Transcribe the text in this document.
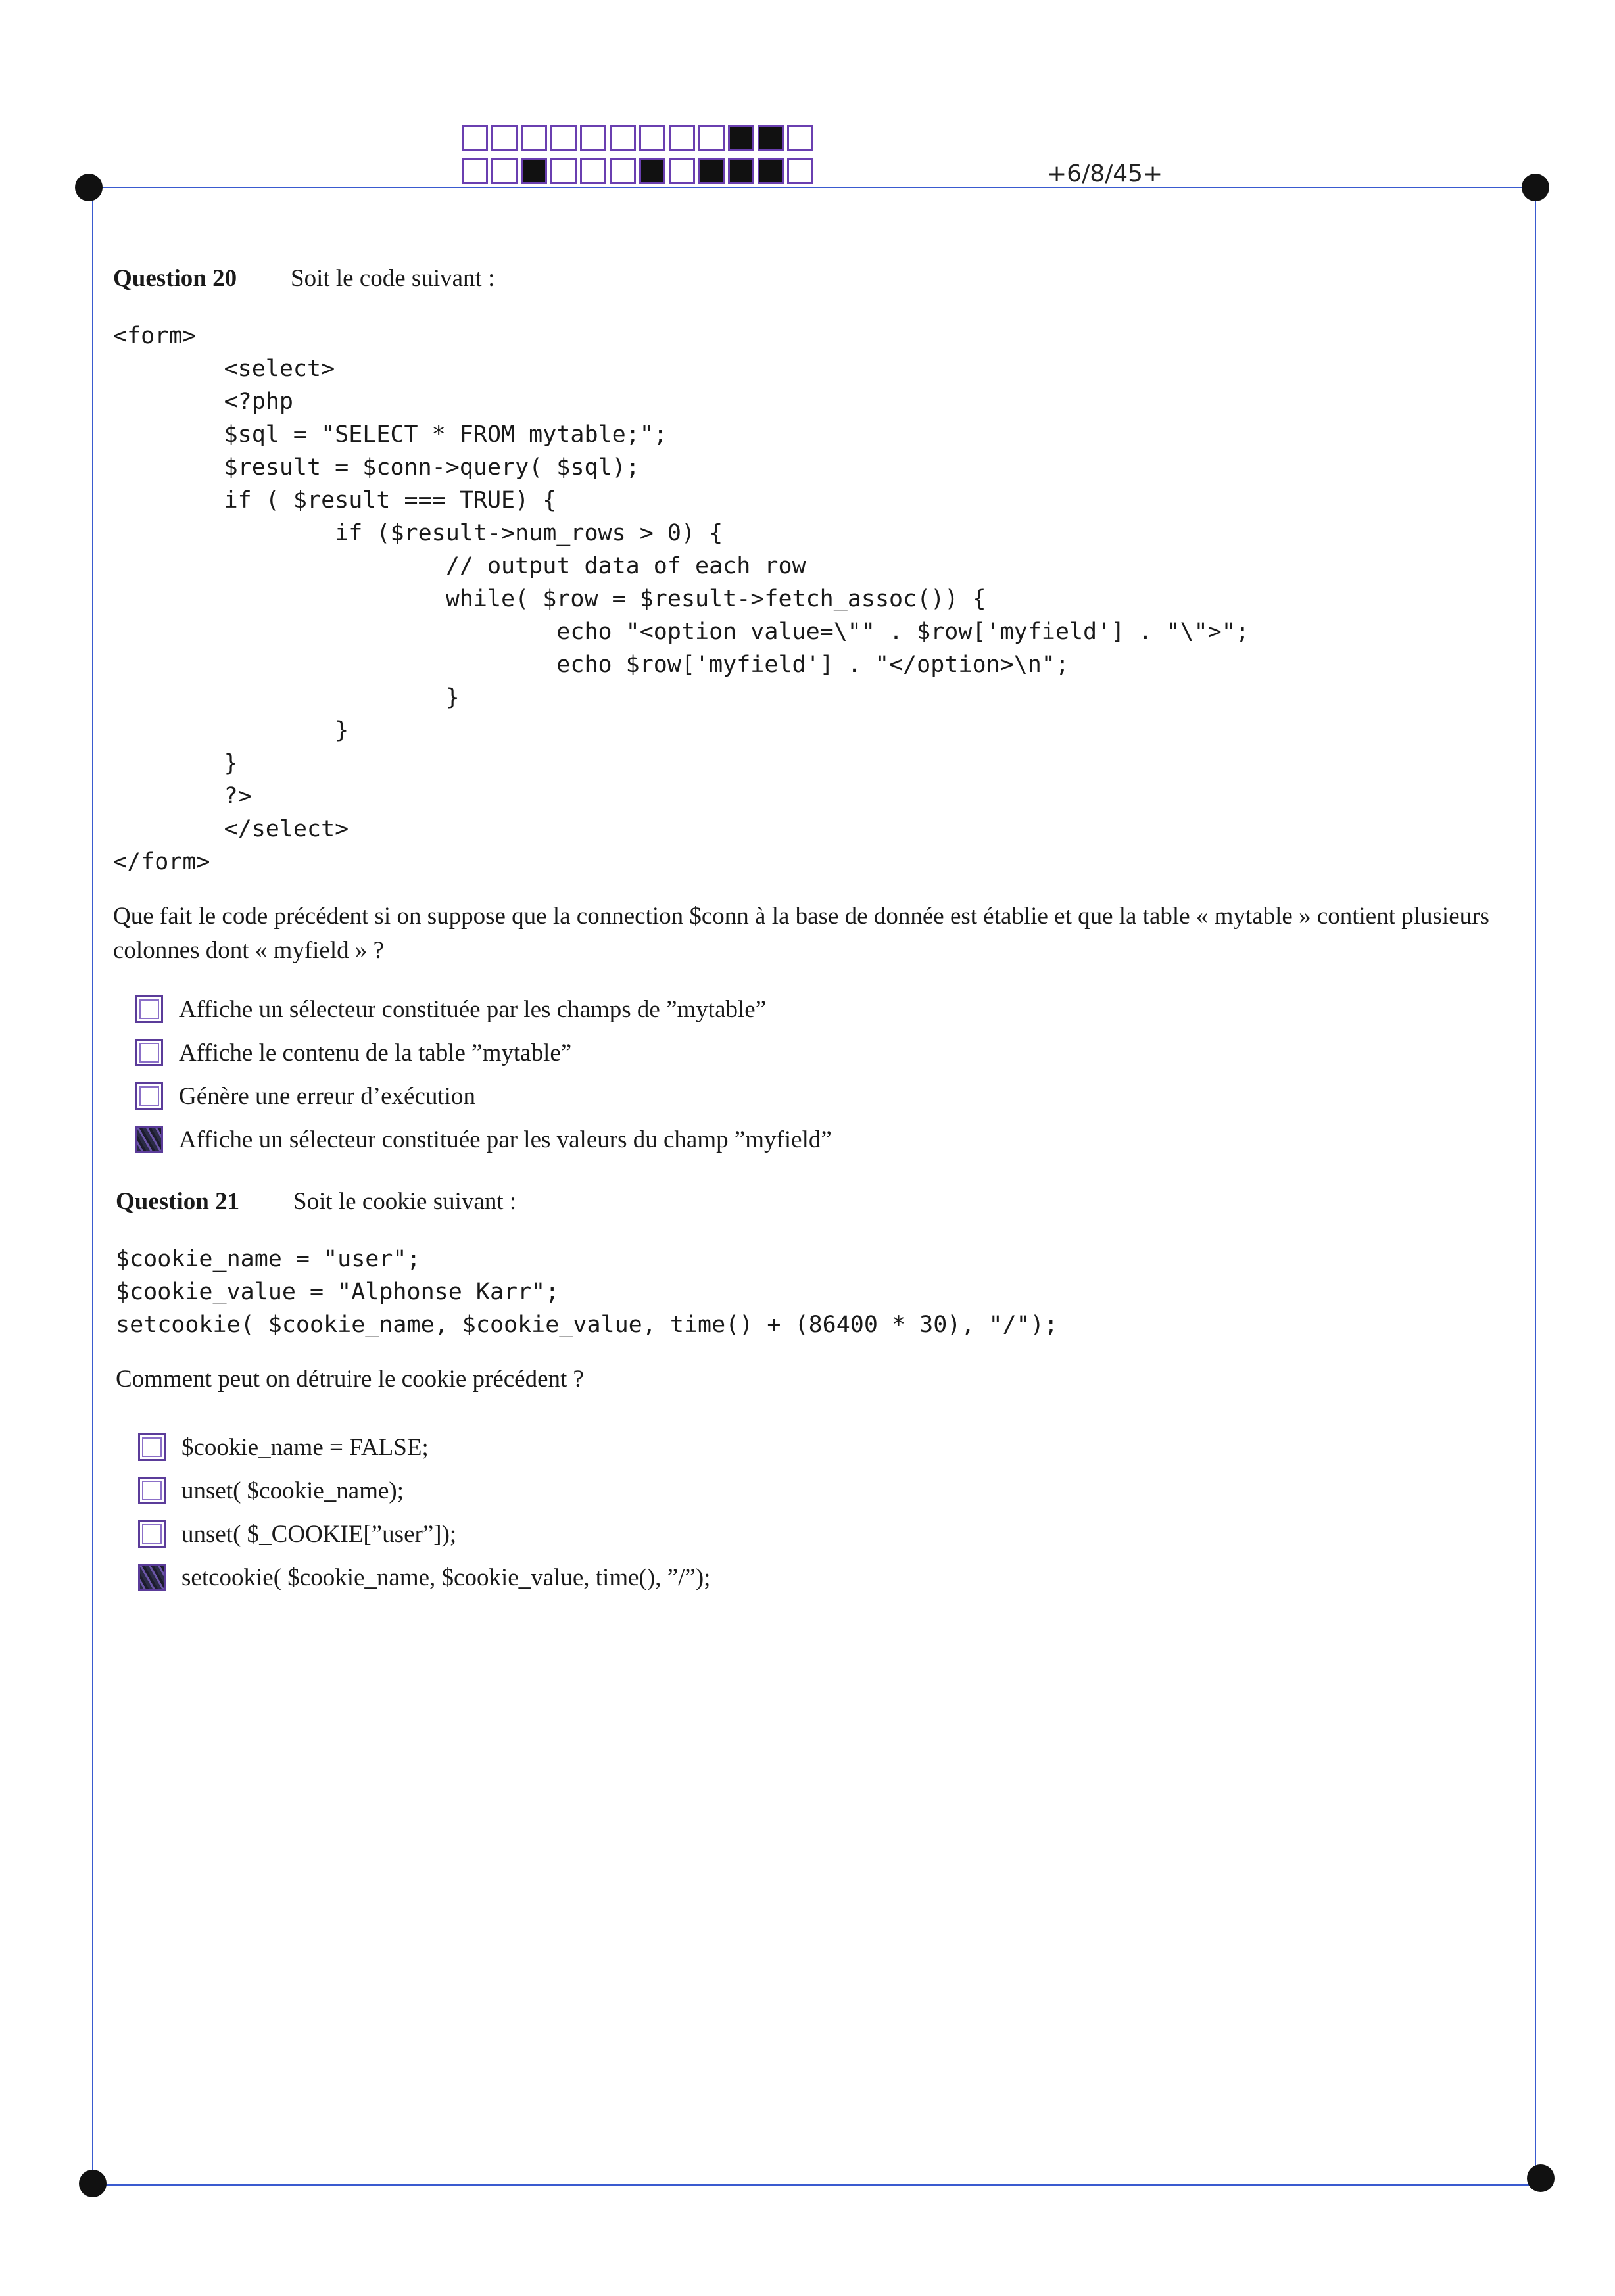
+6/8/45+
Question 20 Soit le code suivant :
<form>
	<select>
	<?php
	$sql = "SELECT * FROM mytable;";
	$result = $conn->query( $sql);
	if ( $result === TRUE) {
		if ($result->num_rows > 0) {
			// output data of each row
			while( $row = $result->fetch_assoc()) {
				echo "<option value=\"" . $row['myfield'] . "\">";
				echo $row['myfield'] . "</option>\n";
			}
		}
	}
	?>
	</select>
</form>
Que fait le code précédent si on suppose que la connection $conn à la base de donnée est établie et que la table « mytable » contient plusieurs colonnes dont « myfield » ?
Affiche un sélecteur constituée par les champs de ”mytable”
Affiche le contenu de la table ”mytable”
Génère une erreur d’exécution
Affiche un sélecteur constituée par les valeurs du champ ”myfield”
Question 21 Soit le cookie suivant :
$cookie_name = "user";
$cookie_value = "Alphonse Karr";
setcookie( $cookie_name, $cookie_value, time() + (86400 * 30), "/");
Comment peut on détruire le cookie précédent ?
$cookie_name = FALSE;
unset( $cookie_name);
unset( $_COOKIE[”user”]);
setcookie( $cookie_name, $cookie_value, time(), ”/”);
